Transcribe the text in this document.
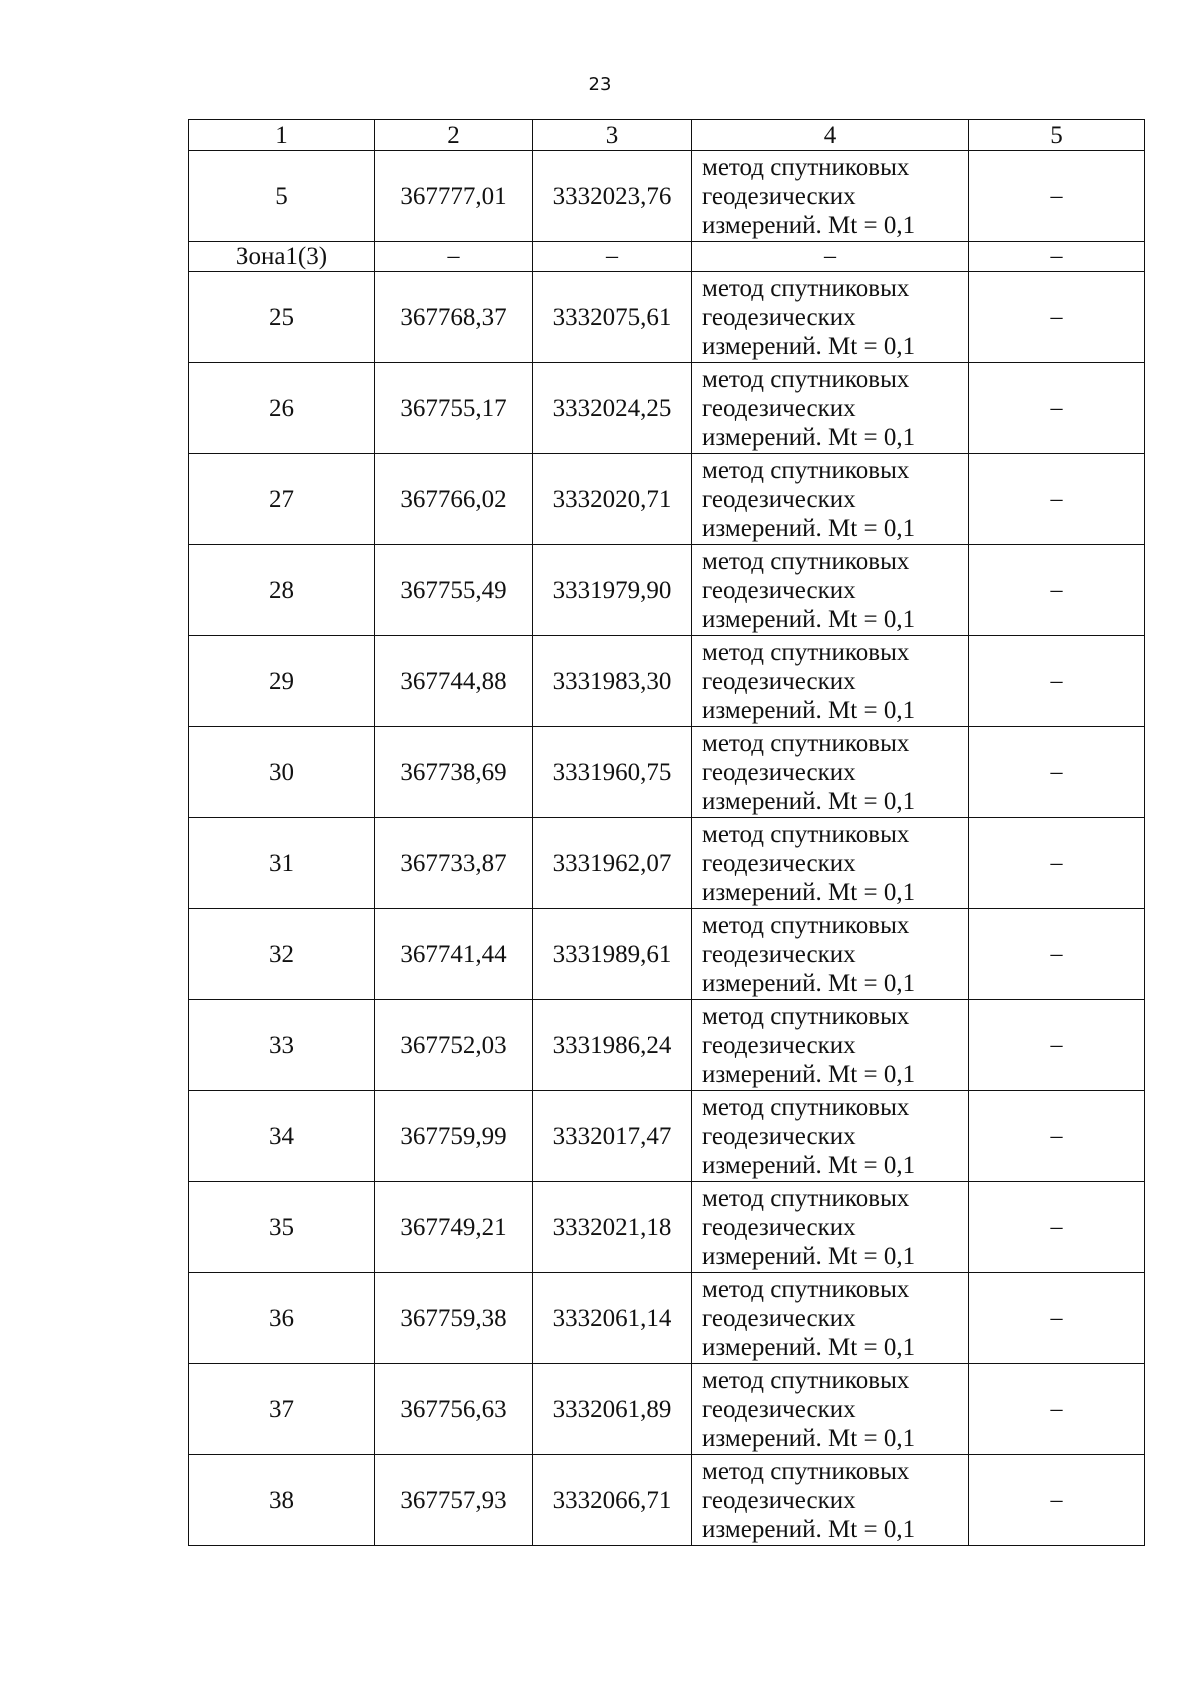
23
1	2	3	4	5
5	367777,01	3332023,76	метод спутниковых
геодезических
измерений. Mt = 0,1	–
Зона1(3)	–	–	–	–
25	367768,37	3332075,61	метод спутниковых
геодезических
измерений. Mt = 0,1	–
26	367755,17	3332024,25	метод спутниковых
геодезических
измерений. Mt = 0,1	–
27	367766,02	3332020,71	метод спутниковых
геодезических
измерений. Mt = 0,1	–
28	367755,49	3331979,90	метод спутниковых
геодезических
измерений. Mt = 0,1	–
29	367744,88	3331983,30	метод спутниковых
геодезических
измерений. Mt = 0,1	–
30	367738,69	3331960,75	метод спутниковых
геодезических
измерений. Mt = 0,1	–
31	367733,87	3331962,07	метод спутниковых
геодезических
измерений. Mt = 0,1	–
32	367741,44	3331989,61	метод спутниковых
геодезических
измерений. Mt = 0,1	–
33	367752,03	3331986,24	метод спутниковых
геодезических
измерений. Mt = 0,1	–
34	367759,99	3332017,47	метод спутниковых
геодезических
измерений. Mt = 0,1	–
35	367749,21	3332021,18	метод спутниковых
геодезических
измерений. Mt = 0,1	–
36	367759,38	3332061,14	метод спутниковых
геодезических
измерений. Mt = 0,1	–
37	367756,63	3332061,89	метод спутниковых
геодезических
измерений. Mt = 0,1	–
38	367757,93	3332066,71	метод спутниковых
геодезических
измерений. Mt = 0,1	–
